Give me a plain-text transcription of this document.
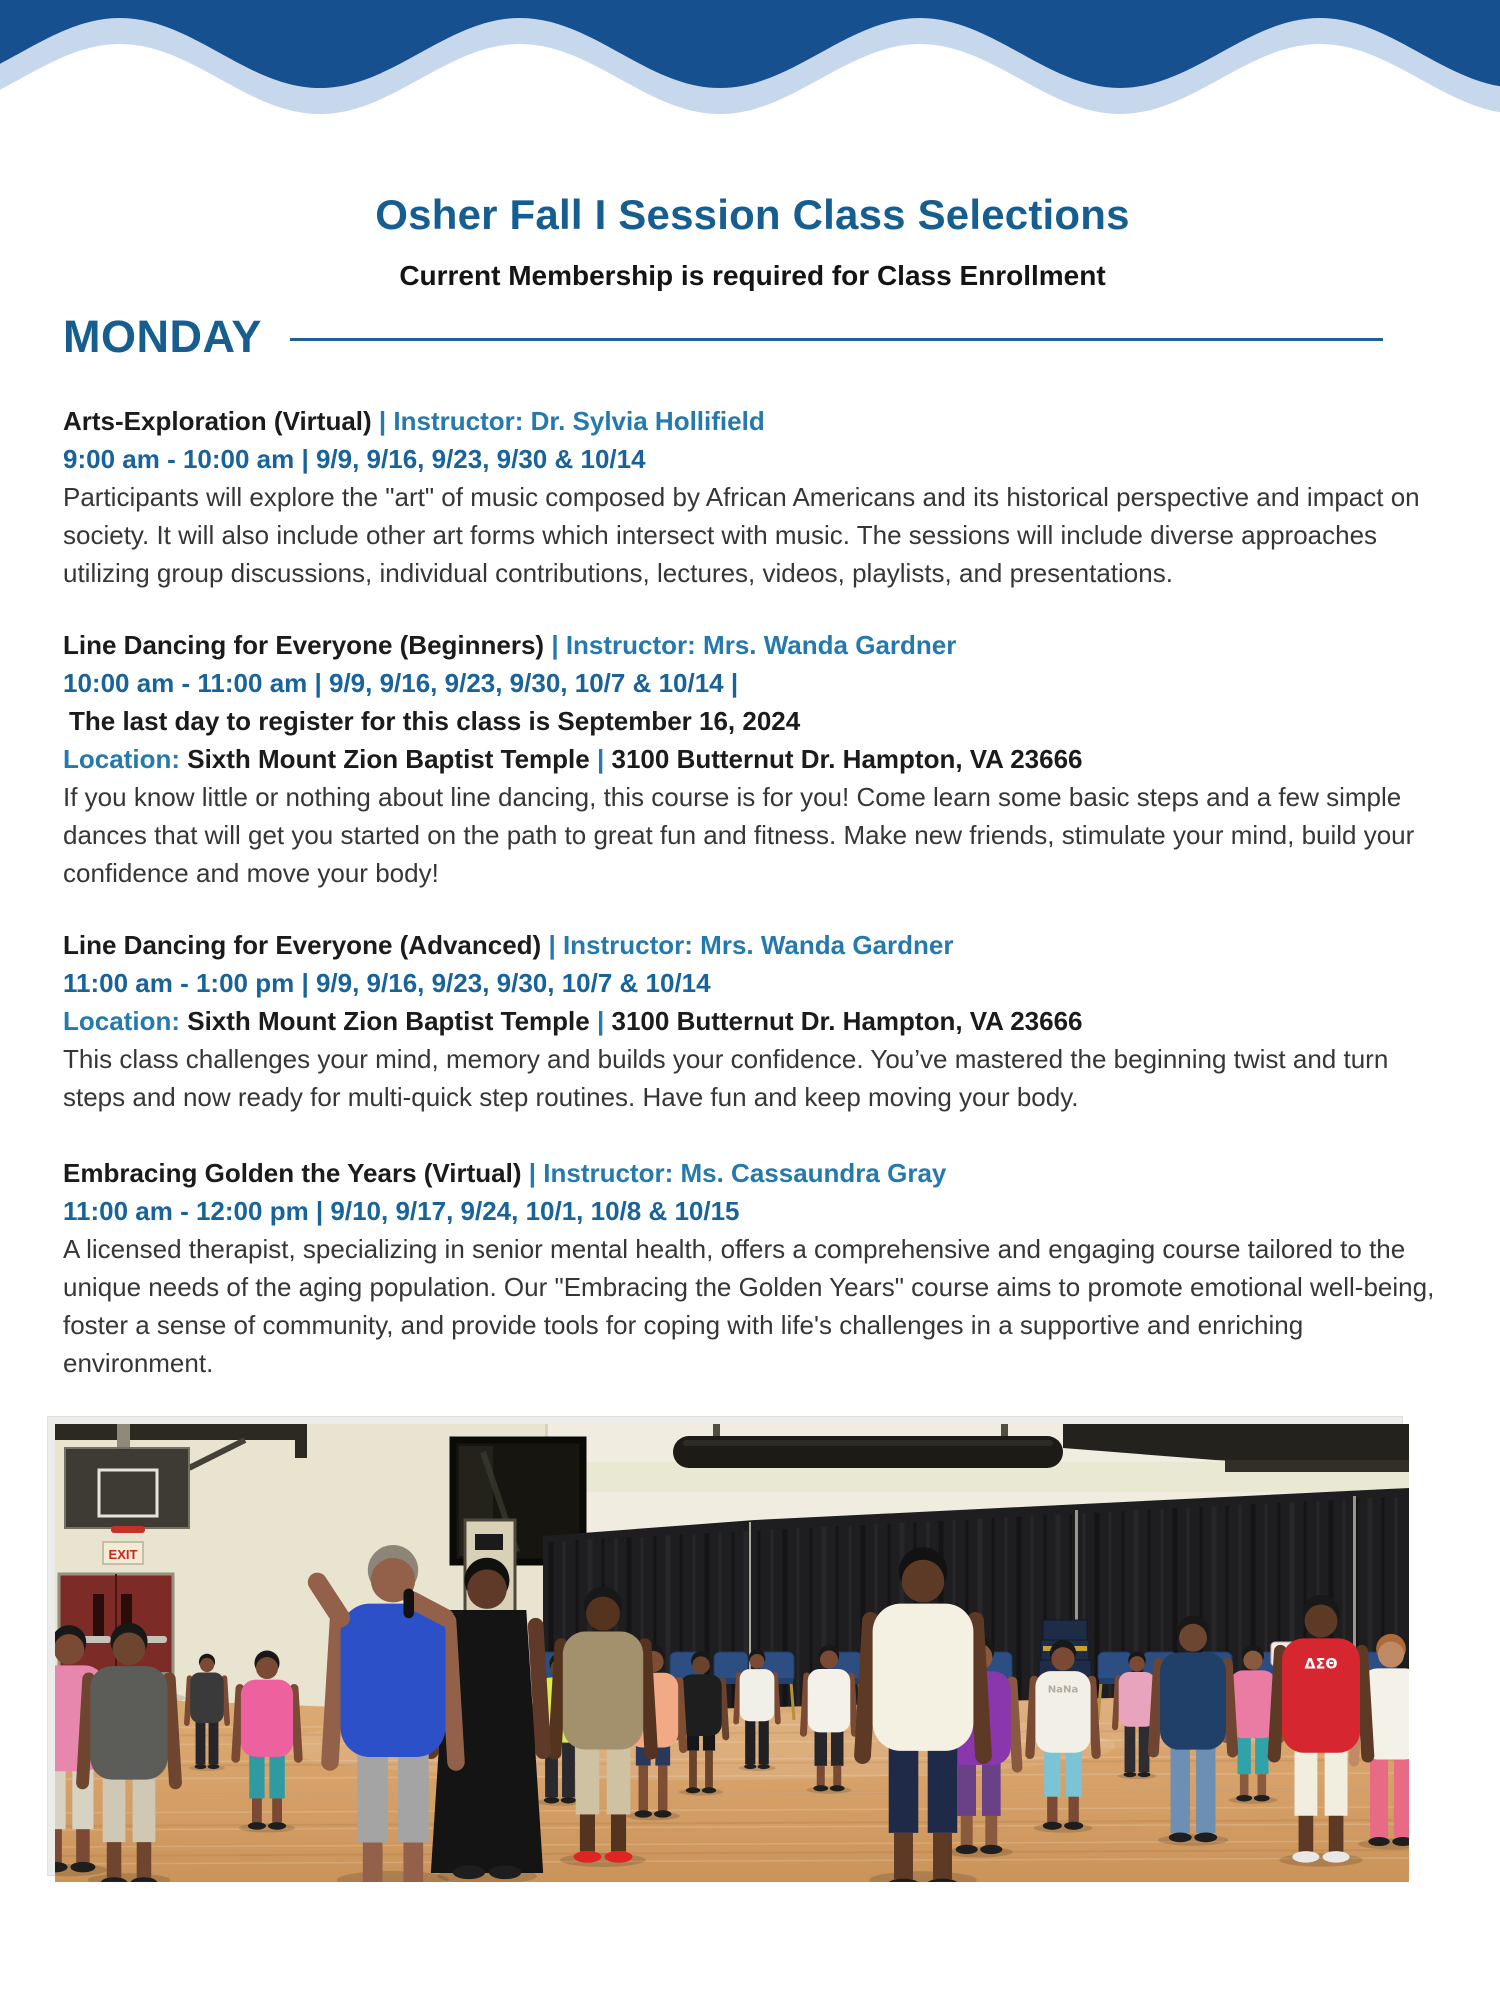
Osher Fall I Session Class Selections
Current Membership is required for Class Enrollment
MONDAY
Arts-Exploration (Virtual) | Instructor: Dr. Sylvia Hollifield
9:00 am - 10:00 am | 9/9, 9/16, 9/23, 9/30 & 10/14

Participants will explore the "art" of music composed by African Americans and its historical perspective and impact on society. It will also include other art forms which intersect with music. The sessions will include diverse approaches utilizing group discussions, individual contributions, lectures, videos, playlists, and presentations.

Line Dancing for Everyone (Beginners) | Instructor: Mrs. Wanda Gardner
10:00 am - 11:00 am | 9/9, 9/16, 9/23, 9/30, 10/7 & 10/14 |
The last day to register for this class is September 16, 2024
Location: Sixth Mount Zion Baptist Temple | 3100 Butternut Dr. Hampton, VA 23666

If you know little or nothing about line dancing, this course is for you! Come learn some basic steps and a few simple dances that will get you started on the path to great fun and fitness. Make new friends, stimulate your mind, build your confidence and move your body!

Line Dancing for Everyone (Advanced) | Instructor: Mrs. Wanda Gardner
11:00 am - 1:00 pm | 9/9, 9/16, 9/23, 9/30, 10/7 & 10/14
Location: Sixth Mount Zion Baptist Temple | 3100 Butternut Dr. Hampton, VA 23666

This class challenges your mind, memory and builds your confidence. You’ve mastered the beginning twist and turn steps and now ready for multi-quick step routines. Have fun and keep moving your body.

Embracing Golden the Years (Virtual) | Instructor: Ms. Cassaundra Gray
11:00 am - 12:00 pm | 9/10, 9/17, 9/24, 10/1, 10/8 & 10/15

A licensed therapist, specializing in senior mental health, offers a comprehensive and engaging course tailored to the unique needs of the aging population. Our "Embracing the Golden Years" course aims to promote emotional well-being, foster a sense of community, and provide tools for coping with life's challenges in a supportive and enriching environment.

EXIT
NaNa
ΔΣΘ
